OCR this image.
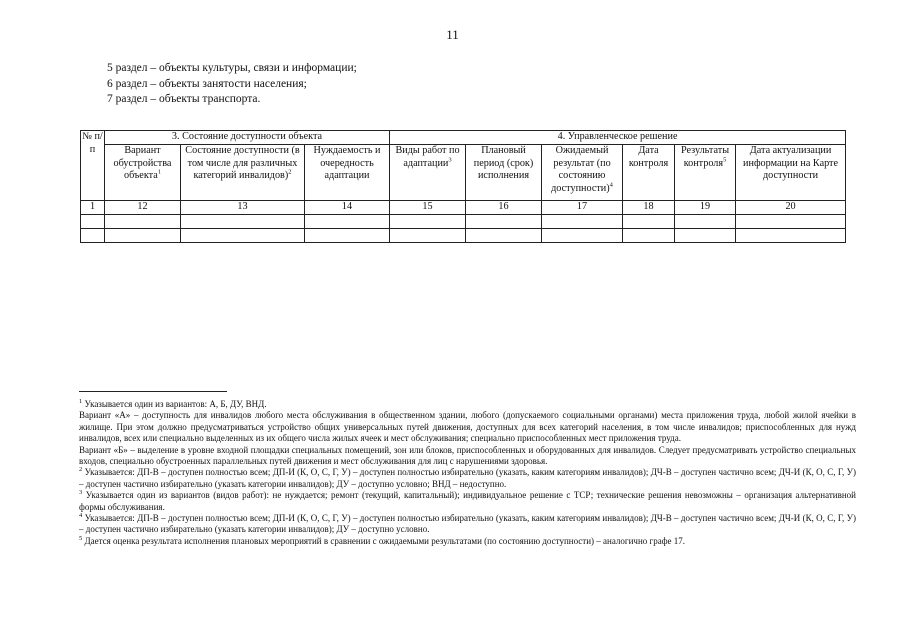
11
5 раздел – объекты культуры, связи и информации;
6 раздел – объекты занятости населения;
7 раздел – объекты транспорта.
№ п/п	3. Состояние доступности объекта			4. Управленческое решение					
	Вариант обустройства объекта$^1$	Состояние доступности (в том числе для различных категорий инвалидов)$^2$	Нуждаемость и очередность адаптации	Виды работ по адаптации$^3$	Плановый период (срок) исполнения	Ожидаемый результат (по состоянию доступности)$^4$	Дата контроля	Результаты контроля$^5$	Дата актуализации информации на Карте доступности
1	12	13	14	15	16	17	18	19	20

$^1$ Указывается один из вариантов: А, Б, ДУ, ВНД.

Вариант «А» – доступность для инвалидов любого места обслуживания в общественном здании, любого (допускаемого социальными органами) места приложения труда, любой жилой ячейки в жилище. При этом должно предусматриваться устройство общих универсальных путей движения, доступных для всех категорий населения, в том числе инвалидов; приспособленных для нужд инвалидов, всех или специально выделенных из их общего числа жилых ячеек и мест обслуживания; специально приспособленных мест приложения труда.

Вариант «Б» – выделение в уровне входной площадки специальных помещений, зон или блоков, приспособленных и оборудованных для инвалидов. Следует предусматривать устройство специальных входов, специально обустроенных параллельных путей движения и мест обслуживания для лиц с нарушениями здоровья.

$^2$ Указывается: ДП-В – доступен полностью всем; ДП-И (К, О, С, Г, У) – доступен полностью избирательно (указать, каким категориям инвалидов); ДЧ-В – доступен частично всем; ДЧ-И (К, О, С, Г, У) – доступен частично избирательно (указать категории инвалидов); ДУ – доступно условно; ВНД – недоступно.

$^3$ Указывается один из вариантов (видов работ): не нуждается; ремонт (текущий, капитальный); индивидуальное решение с ТСР; технические решения невозможны – организация альтернативной формы обслуживания.

$^4$ Указывается: ДП-В – доступен полностью всем; ДП-И (К, О, С, Г, У) – доступен полностью избирательно (указать, каким категориям инвалидов); ДЧ-В – доступен частично всем; ДЧ-И (К, О, С, Г, У) – доступен частично избирательно (указать категории инвалидов); ДУ – доступно условно.

$^5$ Дается оценка результата исполнения плановых мероприятий в сравнении с ожидаемыми результатами (по состоянию доступности) – аналогично графе 17.
